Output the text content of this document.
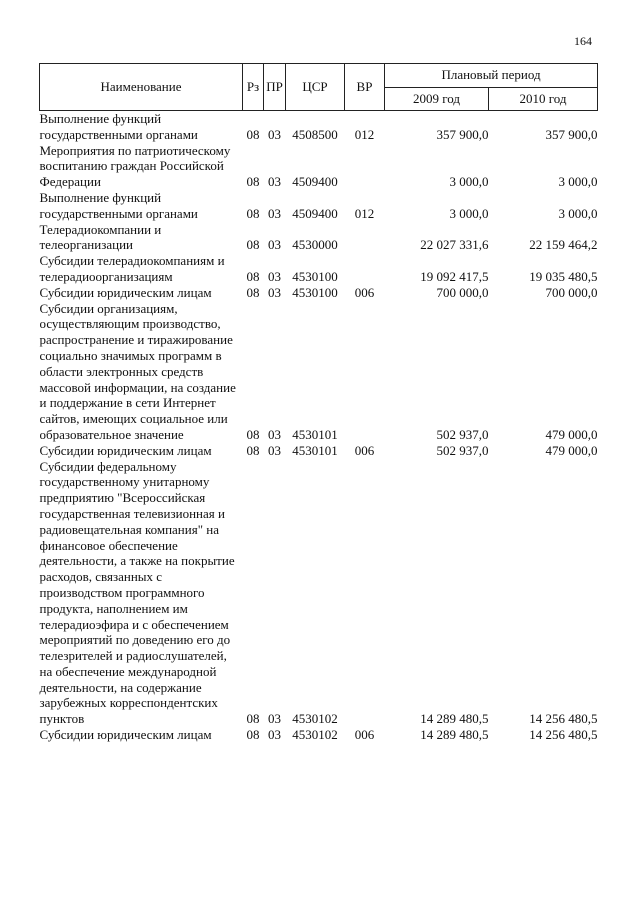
164
Наименование	Рз	ПР	ЦСР	ВР	Плановый период	
					2009 год	2010 год
Выполнение функций государственными органами	08	03	4508500	012	357 900,0	357 900,0
Мероприятия по патриотическому воспитанию граждан Российской Федерации	08	03	4509400		3 000,0	3 000,0
Выполнение функций государственными органами	08	03	4509400	012	3 000,0	3 000,0
Телерадиокомпании и телеорганизации	08	03	4530000		22 027 331,6	22 159 464,2
Субсидии телерадиокомпаниям и телерадиоорганизациям	08	03	4530100		19 092 417,5	19 035 480,5
Субсидии юридическим лицам	08	03	4530100	006	700 000,0	700 000,0
Субсидии организациям, осуществляющим производство, распространение и тиражирование социально значимых программ в области электронных средств массовой информации, на создание и поддержание в сети Интернет сайтов, имеющих социальное или образовательное значение	08	03	4530101		502 937,0	479 000,0
Субсидии юридическим лицам	08	03	4530101	006	502 937,0	479 000,0
Субсидии федеральному государственному унитарному предприятию "Всероссийская государственная телевизионная и радиовещательная компания" на финансовое обеспечение деятельности, а также на покрытие расходов, связанных с производством программного продукта, наполнением им телерадиоэфира и с обеспечением мероприятий по доведению его до телезрителей и радиослушателей, на обеспечение международной деятельности, на содержание зарубежных корреспондентских пунктов	08	03	4530102		14 289 480,5	14 256 480,5
Субсидии юридическим лицам	08	03	4530102	006	14 289 480,5	14 256 480,5
